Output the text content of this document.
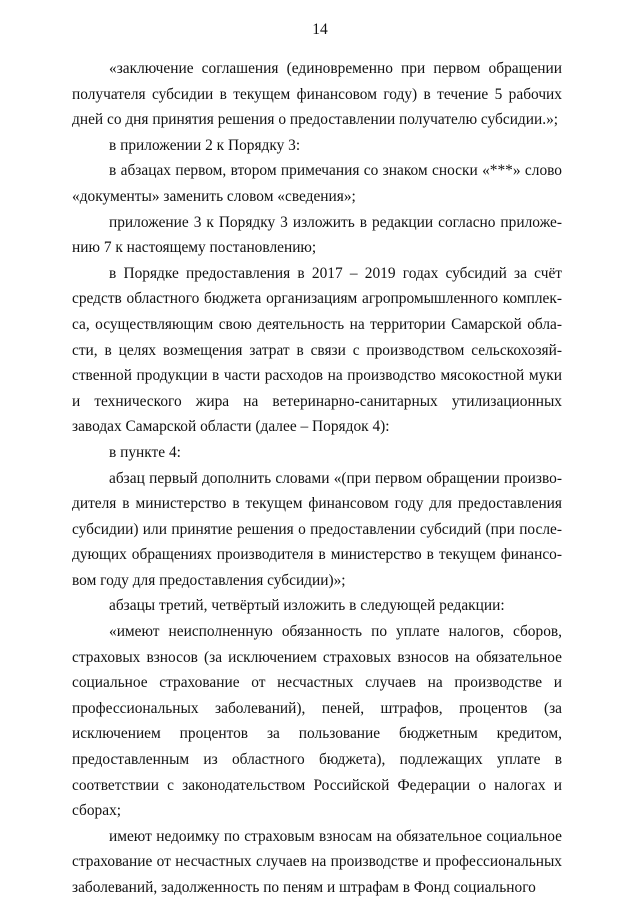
14

«заключение соглашения (единовременно при первом обращении получателя субсидии в текущем финансовом году) в течение 5 рабочих дней со дня принятия решения о предоставлении получателю субсидии.»;

в приложении 2 к Порядку 3:

в абзацах первом, втором примечания со знаком сноски «***» слово «документы» заменить словом «сведения»;

приложение 3 к Порядку 3 изложить в редакции согласно приложению 7 к настоящему постановлению;

в Порядке предоставления в 2017 – 2019 годах субсидий за счёт средств областного бюджета организациям агропромышленного комплекса, осуществляющим свою деятельность на территории Самарской области, в целях возмещения затрат в связи с производством сельскохозяйственной продукции в части расходов на производство мясокостной муки и технического жира на ветеринарно-санитарных утилизационных заводах Самарской области (далее – Порядок 4):

в пункте 4:

абзац первый дополнить словами «(при первом обращении производителя в министерство в текущем финансовом году для предоставления субсидии) или принятие решения о предоставлении субсидий (при последующих обращениях производителя в министерство в текущем финансовом году для предоставления субсидии)»;

абзацы третий, четвёртый изложить в следующей редакции:

«имеют неисполненную обязанность по уплате налогов, сборов, страховых взносов (за исключением страховых взносов на обязательное социальное страхование от несчастных случаев на производстве и профессиональных заболеваний), пеней, штрафов, процентов (за исключением процентов за пользование бюджетным кредитом, предоставленным из областного бюджета), подлежащих уплате в соответствии с законодательством Российской Федерации о налогах и сборах;

имеют недоимку по страховым взносам на обязательное социальное страхование от несчастных случаев на производстве и профессиональных заболеваний, задолженность по пеням и штрафам в Фонд социального
